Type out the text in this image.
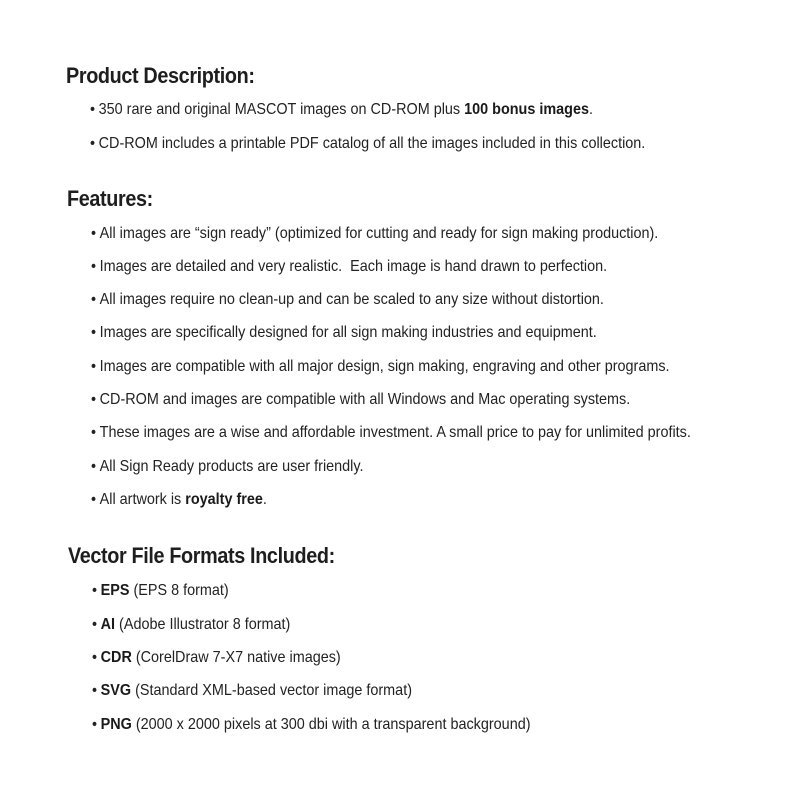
Product Description:
• 350 rare and original MASCOT images on CD-ROM plus 100 bonus images.
• CD-ROM includes a printable PDF catalog of all the images included in this collection.
Features:
• All images are “sign ready” (optimized for cutting and ready for sign making production).
• Images are detailed and very realistic.  Each image is hand drawn to perfection.
• All images require no clean-up and can be scaled to any size without distortion.
• Images are specifically designed for all sign making industries and equipment.
• Images are compatible with all major design, sign making, engraving and other programs.
• CD-ROM and images are compatible with all Windows and Mac operating systems.
• These images are a wise and affordable investment. A small price to pay for unlimited profits.
• All Sign Ready products are user friendly.
• All artwork is royalty free.
Vector File Formats Included:
• EPS (EPS 8 format)
• AI (Adobe Illustrator 8 format)
• CDR (CorelDraw 7-X7 native images)
• SVG (Standard XML-based vector image format)
• PNG (2000 x 2000 pixels at 300 dbi with a transparent background)
